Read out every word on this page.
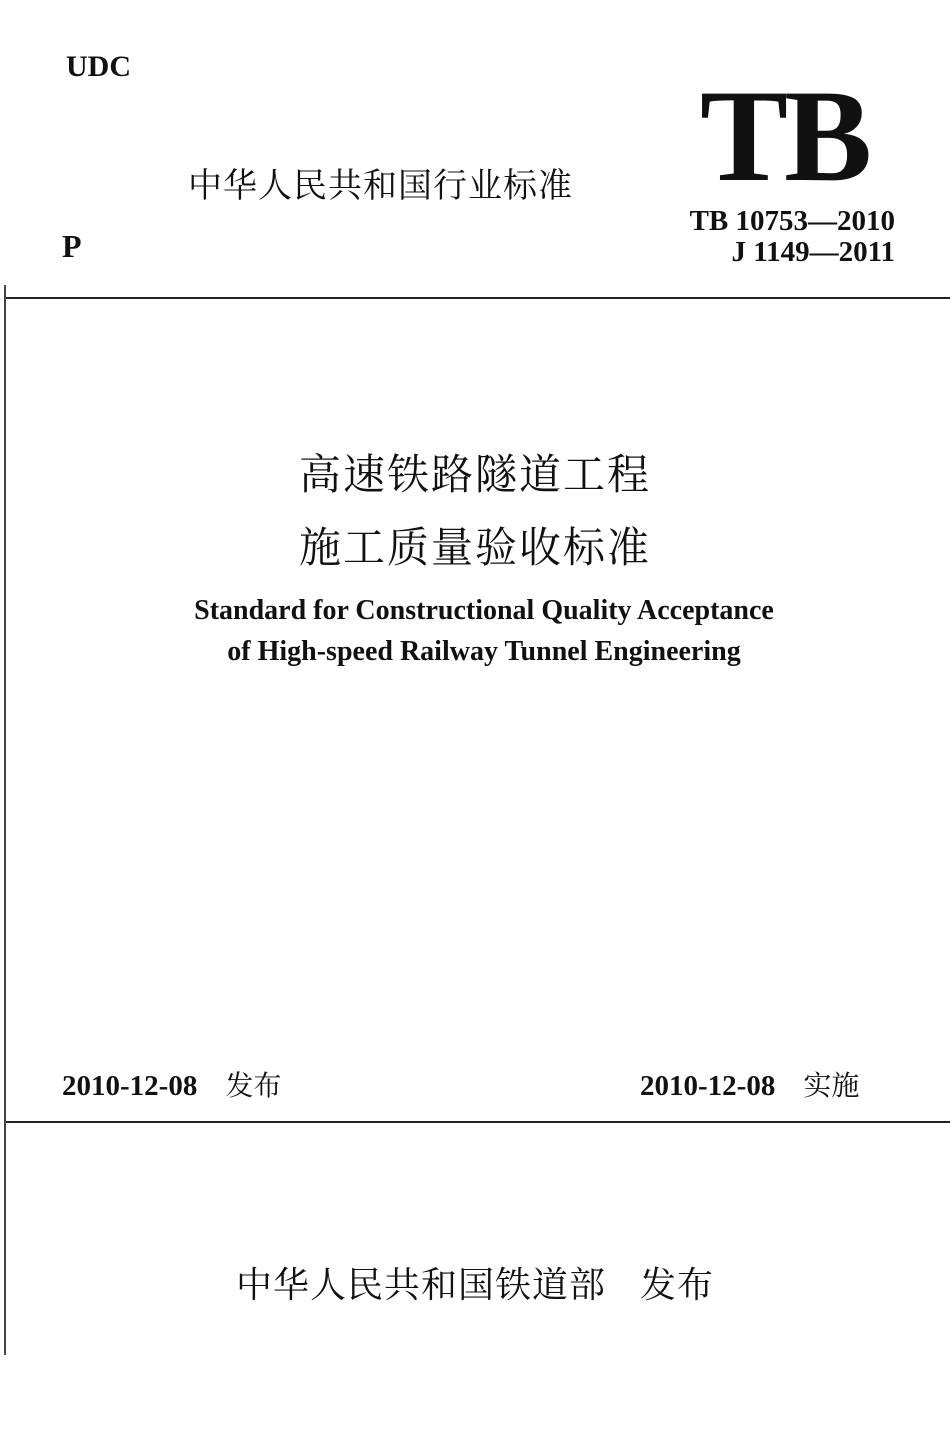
UDC
中华人民共和国行业标准 TB
P
TB 10753—2010
J 1149—2011
高速铁路隧道工程
施工质量验收标准
Standard for Constructional Quality Acceptance
of High-speed Railway Tunnel Engineering
2010-12-08 发布	2010-12-08 实施
中华人民共和国铁道部 发布
